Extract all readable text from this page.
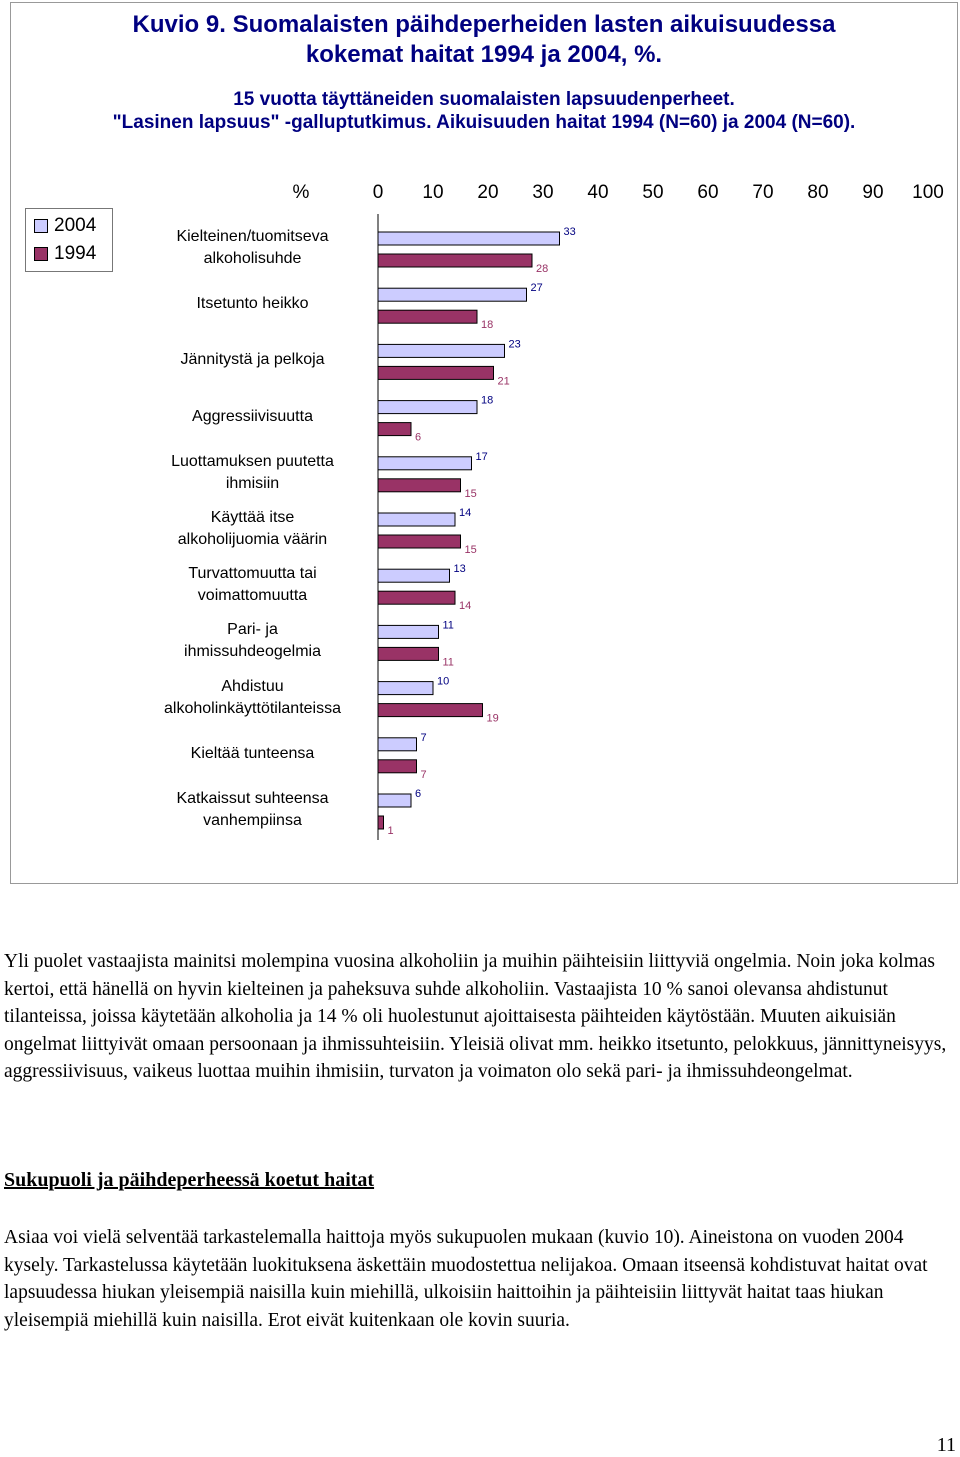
Kuvio 9. Suomalaisten päihdeperheiden lasten aikuisuudessa kokemat haitat 1994 ja 2004, %.
15 vuotta täyttäneiden suomalaisten lapsuudenperheet.
"Lasinen lapsuus" -galluptutkimus. Aikuisuuden haitat 1994 (N=60) ja 2004 (N=60).
2004
1994
Kielteinen/tuomitseva
alkoholisuhde
Itsetunto heikko
Jännitystä ja pelkoja
Aggressiivisuutta
Luottamuksen puutetta
ihmisiin
Käyttää itse
alkoholijuomia väärin
Turvattomuutta tai
voimattomuutta
Pari- ja
ihmissuhdeogelmia
Ahdistuu
alkoholinkäyttötilanteissa
Kieltää tunteensa
Katkaissut suhteensa
vanhempiinsa
%	0 10 20 30 40 50 60 70 80 90 100
33
28
27
18
23
21
18
6
17
15
14
15
13
14
11
11
10
19
7
7
6
1
Yli puolet vastaajista mainitsi molempina vuosina alkoholiin ja muihin päihteisiin liittyviä ongelmia. Noin joka kolmas kertoi, että hänellä on hyvin kielteinen ja paheksuva suhde alkoholiin. Vastaajista 10 % sanoi olevansa ahdistunut tilanteissa, joissa käytetään alkoholia ja 14 % oli huolestunut ajoittaisesta päihteiden käytöstään. Muuten aikuisiän ongelmat liittyivät omaan persoonaan ja ihmissuhteisiin. Yleisiä olivat mm. heikko itsetunto, pelokkuus, jännittyneisyys, aggressiivisuus, vaikeus luottaa muihin ihmisiin, turvaton ja voimaton olo sekä pari- ja ihmissuhdeongelmat.
Sukupuoli ja päihdeperheessä koetut haitat
Asiaa voi vielä selventää tarkastelemalla haittoja myös sukupuolen mukaan (kuvio 10). Aineistona on vuoden 2004 kysely. Tarkastelussa käytetään luokituksena äskettäin muodostettua nelijakoa. Omaan itseensä kohdistuvat haitat ovat lapsuudessa hiukan yleisempiä naisilla kuin miehillä, ulkoisiin haittoihin ja päihteisiin liittyvät haitat taas hiukan yleisempiä miehillä kuin naisilla. Erot eivät kuitenkaan ole kovin suuria.
11
